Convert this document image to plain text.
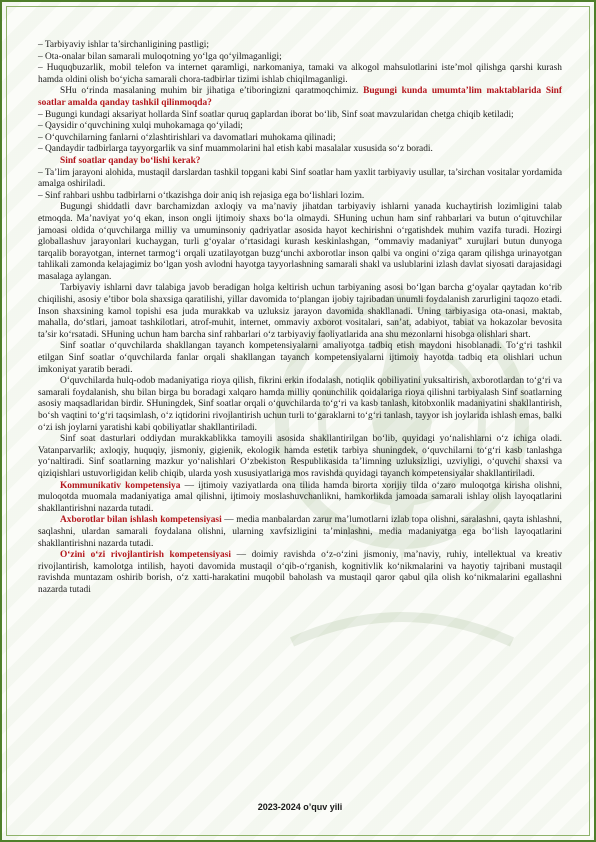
– Tarbiyaviy ishlar ta’sirchanligining pastligi;

– Ota-onalar bilan samarali muloqotning yo‘lga qo‘yilmaganligi;

– Huquqbuzarlik, mobil telefon va internet qaramligi, narkomaniya, tamaki va alkogol mahsulotlarini iste’mol qilishga qarshi kurash hamda oldini olish bo‘yicha samarali chora-tadbirlar tizimi ishlab chiqilmaganligi.

SHu o‘rinda masalaning muhim bir jihatiga e’tiboringizni qaratmoqchimiz. Bugungi kunda umumta’lim maktablarida Sinf soatlar amalda qanday tashkil qilinmoqda?

– Bugungi kundagi aksariyat hollarda Sinf soatlar quruq gaplardan iborat bo‘lib, Sinf soat mavzularidan chetga chiqib ketiladi;

– Qaysidir o‘quvchining xulqi muhokamaga qo‘yiladi;

– O‘quvchilarning fanlarni o‘zlashtirishlari va davomatlari muhokama qilinadi;

– Qandaydir tadbirlarga tayyorgarlik va sinf muammolarini hal etish kabi masalalar xususida so‘z boradi.

Sinf soatlar qanday bo‘lishi kerak?

– Ta’lim jarayoni alohida, mustaqil darslardan tashkil topgani kabi Sinf soatlar ham yaxlit tarbiyaviy usullar, ta’sirchan vositalar yordamida amalga oshiriladi.

– Sinf rahbari ushbu tadbirlarni o‘tkazishga doir aniq ish rejasiga ega bo‘lishlari lozim.

Bugungi shiddatli davr barchamizdan axloqiy va ma’naviy jihatdan tarbiyaviy ishlarni yanada kuchaytirish lozimligini talab etmoqda. Ma’naviyat yo‘q ekan, inson ongli ijtimoiy shaxs bo‘la olmaydi. SHuning uchun ham sinf rahbarlari va butun o‘qituvchilar jamoasi oldida o‘quvchilarga milliy va umuminsoniy qadriyatlar asosida hayot kechirishni o‘rgatishdek muhim vazifa turadi. Hozirgi globallashuv jarayonlari kuchaygan, turli g‘oyalar o‘rtasidagi kurash keskinlashgan, “ommaviy madaniyat” xurujlari butun dunyoga tarqalib borayotgan, internet tarmog‘i orqali uzatilayotgan buzg‘unchi axborotlar inson qalbi va ongini o‘ziga qaram qilishga urinayotgan tahlikali zamonda kelajagimiz bo‘lgan yosh avlodni hayotga tayyorlashning samarali shakl va uslublarini izlash davlat siyosati darajasidagi masalaga aylangan.

Tarbiyaviy ishlarni davr talabiga javob beradigan holga keltirish uchun tarbiyaning asosi bo‘lgan barcha g‘oyalar qaytadan ko‘rib chiqilishi, asosiy e’tibor bola shaxsiga qaratilishi, yillar davomida to‘plangan ijobiy tajribadan unumli foydalanish zarurligini taqozo etadi. Inson shaxsining kamol topishi esa juda murakkab va uzluksiz jarayon davomida shakllanadi. Uning tarbiyasiga ota-onasi, maktab, mahalla, do‘stlari, jamoat tashkilotlari, atrof-muhit, internet, ommaviy axborot vositalari, san’at, adabiyot, tabiat va hokazolar bevosita ta’sir ko‘rsatadi. SHuning uchun ham barcha sinf rahbarlari o‘z tarbiyaviy faoliyatlarida ana shu mezonlarni hisobga olishlari shart.

Sinf soatlar o‘quvchilarda shakllangan tayanch kompetensiyalarni amaliyotga tadbiq etish maydoni hisoblanadi. To‘g‘ri tashkil etilgan Sinf soatlar o‘quvchilarda fanlar orqali shakllangan tayanch kompetensiyalarni ijtimoiy hayotda tadbiq eta olishlari uchun imkoniyat yaratib beradi.

O‘quvchilarda hulq-odob madaniyatiga rioya qilish, fikrini erkin ifodalash, notiqlik qobiliyatini yuksaltirish, axborotlardan to‘g‘ri va samarali foydalanish, shu bilan birga bu boradagi xalqaro hamda milliy qonunchilik qoidalariga rioya qilishni tarbiyalash Sinf soatlarning asosiy maqsadlaridan birdir. SHuningdek, Sinf soatlar orqali o‘quvchilarda to‘g‘ri va kasb tanlash, kitobxonlik madaniyatini shakllantirish, bo‘sh vaqtini to‘g‘ri taqsimlash, o‘z iqtidorini rivojlantirish uchun turli to‘garaklarni to‘g‘ri tanlash, tayyor ish joylarida ishlash emas, balki o‘zi ish joylarni yaratishi kabi qobiliyatlar shakllantiriladi.

Sinf soat dasturlari oddiydan murakkablikka tamoyili asosida shakllantirilgan bo‘lib, quyidagi yo‘nalishlarni o‘z ichiga oladi. Vatanparvarlik; axloqiy, huquqiy, jismoniy, gigienik, ekologik hamda estetik tarbiya shuningdek, o‘quvchilarni to‘g‘ri kasb tanlashga yo‘naltiradi. Sinf soatlarning mazkur yo‘nalishlari O‘zbekiston Respublikasida ta’limning uzluksizligi, uzviyligi, o‘quvchi shaxsi va qiziqishlari ustuvorligidan kelib chiqib, ularda yosh xususiyatlariga mos ravishda quyidagi tayanch kompetensiyalar shakllantiriladi.

Kommunikativ kompetensiya — ijtimoiy vaziyatlarda ona tilida hamda birorta xorijiy tilda o‘zaro muloqotga kirisha olishni, muloqotda muomala madaniyatiga amal qilishni, ijtimoiy moslashuvchanlikni, hamkorlikda jamoada samarali ishlay olish layoqatlarini shakllantirishni nazarda tutadi.

Axborotlar bilan ishlash kompetensiyasi — media manbalardan zarur ma’lumotlarni izlab topa olishni, saralashni, qayta ishlashni, saqlashni, ulardan samarali foydalana olishni, ularning xavfsizligini ta’minlashni, media madaniyatga ega bo‘lish layoqatlarini shakllantirishni nazarda tutadi.

O‘zini o‘zi rivojlantirish kompetensiyasi — doimiy ravishda o‘z-o‘zini jismoniy, ma’naviy, ruhiy, intellektual va kreativ rivojlantirish, kamolotga intilish, hayoti davomida mustaqil o‘qib-o‘rganish, kognitivlik ko‘nikmalarini va hayotiy tajribani mustaqil ravishda muntazam oshirib borish, o‘z xatti-harakatini muqobil baholash va mustaqil qaror qabul qila olish ko‘nikmalarini egallashni nazarda tutadi

2023-2024 o’quv yili
